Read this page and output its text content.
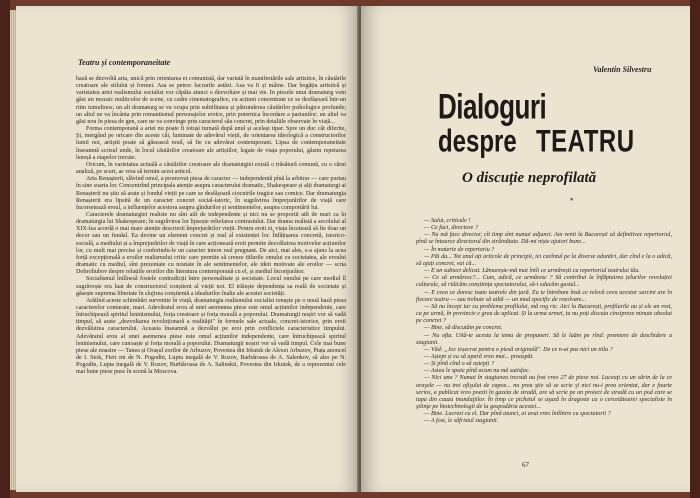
Teatru și contemporaneitate

bază se dezvoltă arta, unică prin orientarea ei comunistă, dar variată în manifestările sale artistice, în căutările creatoare ale stilului și formei. Asa se petrec lucrurile astăzi. Asa va fi și mâine. Dar bogăția artistică și varietatea artei realismului socialist vor căpăta atunci o dezvoltare și mai vie. In piesele unui dramaturg vom găsi un mozaic multicolor de scene, cu cadre cinematografice, cu acțiuni concentrate ce se desfășoară într-un ritm tumultuos; un alt dramaturg se va ocupa prin subtilitatea și pătrunderea căutărilor psihologice profunde; un altul ne va încânta prin romantismul personajelor eroice, prin puternica încordare a pasiunilor; un altul va găsi nou în piesa de gen, care ne va convinge prin caracterul său concret, prin detaliile observate în viață...

Forma contemporană a artei nu poate fi totuși turnată după unul și același tipar. Spre un duc cât diferite, Și, mergând pe oricare din aceste căi, luminate de adevărul vieții, de orientarea ideologică a constructorilor lumii noi, artiștii poate să găsească noul, să fie cu adevărat contemporani. Lipsa de contemporaneitate înseamnă scrisul unde, în locul căutărilor creatoare ale artiștilor, legate de viața poporului, găsim repetarea leneșă a etapelor trecute.

Oricum, în varietatea actuală a căutărilor creatoare ale dramaturgiei există o trăsătură comună, cu o cărui analiză, pe scurt, as vrea să termin acest articol.

Arta Renașterii, slăvind omul, a promovat piesa de caracter — independentă pînă la arbitrar — care purtau în sine soarta lor. Concentrînd principala atenție asupra caracterului dramatic, Shakespeare și alți dramaturgi ai Renașterii nu știu să arate și fondul vieții pe care se desfășoară ciocnirile tragice sau comice. Dar dramaturgia Renașterii era lipsită de un caracter concret social-istoric, în sugrăvirea împrejurărilor de viață care încorsetează eroul, a influențelor acestora asupra gîndurilor și sentimentelor, asupra comportării lui.

Caracterele dramaturgiei realiste nu sînt atît de independente și nici nu se proportii atît de mari ca în dramaturgia lui Shakespeare; în sugrăvirea lor lipsește reliefarea contrastului. Dar drama realistă a secolului al XIX-lea acordă o mai mare atenție descrierii împrejurărilor vieții. Pentru eroii ei, viața încetează să fie doar un decor sau un fundal. Ea devine un element concret și real al existenței lor. Înfățișarea concretă, istorico-socială, a mediului și a împrejurărilor de viață în care acționează eroii permite dezvăluirea motivelor acțiunilor lor, cu mult mai precise și conferindu-le un caracter intern real pregnant. De aici, mai ales, s-a ajuns la acea forță excepțională a eroilor realismului critic care permite să creeze titlurile omului cu societatea, ale eroului dramatic cu mediul, sînt prezentate cu noutate în ale sentimentelor, ale ideii motivate ale eroilor — scria Dobroliubov despre relațiile erorilor din literatura contemporană cu el, și mediul înconjurător.

Socialismul întîlnesă fostele contradicții între personalitate și societate. Locul omului pe care mediul îl sugrăvește era luat de constructorul conștient al vieții noi. El trăiește dependența sa reală de societate și găsește suprema libertate în slujirea conștientă a idealurilor înalte ale acestei societăți.

Arătînd aceste schimbări survenite în viață, dramaturgia realismului socialist renaște pe o nouă bază piesa caracterelor conturate, mari. Adevăratul erou al unei asemenea piese este omul acțiunilor independente, care întruchipează spiritul leninismului, forța creatoare și forța morală a poporului. Dramaturgii noștri vor să vadă timpul, să arate „dezvoltarea revoluționară a realității" în formele sale actuale, concret-istorice, prin eroii dezvăluirea caracterului. Aceasta înseamnă a dezvălui pe eroi prin conflictele caracteristice timpului. Adevăratul erou al unei asemenea piese este omul acțiunilor independente, care întruchipează spiritul leninismului, care cunoaște și forța morală a poporului. Dramaturgii noștri vor să vadă timpul. Cele mai bune piese ale noastre — Tanea și Orașul zorilor de Arbuzov, Povestea din Irkutsk de Alexei Arbuzov, Piața anonceí de I. Stok, Fieri mi de N. Pogodin, Lupta inegală de V. Rozov, Barbăroasa de A. Salenkov, să ales pe N. Pogodin, Lupta inegală de V. Rozov, Burbăroasa de A. Salinskii, Povestea din Irkutsk, de a reprezentat cele mai bune piese puse în scenă la Moscova.

Valentin Silvestru
Dialoguri
despre TEATRU
O discuție neprofilată
*

— Salut, criticule !

— Ce faci, directore ?

— Nu mă face director, cît timp sînt numai adjunct. Am venit la București să definitivez repertoriul, pînă se întoarce directorul din străinătate. Dă-mi niște ajutori bune...

— În materie de repertoriu ?

— Păi da... Tot anul ați articole de principii, iei cuvîntul pe la diverse adunări, dar cînd e la o adică, să ajuți concret, vai că...

— E un subiect delicat. Lămurește-mă mai întîi ce urmărești cu repertoriul teatrului tău.

— Ce să urmăresc?... Cum, adică, ce urmăresc ? Să contribui la înfăptuirea țelurilor revoluției culturale, să ridicăm conștiința spectatorului, să-i educăm gustul...

— E ceea ce doresc toate teatrele din țară. Eu te întrebam însă ce relevă ceva acestor sarcini are în fiecare teatru — sau trebuie să aibă — un mod specific de rezolvare...

— Să nu începi iar cu problema profilului, mă rog rie. Aici la București, profilurile au și ele un rost, ca pe urmă, în provincie e greu de aplicat. Și la urma urmei, tu nu poți discuta cinsipreze minute absolut pe concret ?

— Bine, să discutăm pe concret.

— Nu ofta. Uită-te acesta la tema de propuneri. Să le luăm pe rînd: premiere de deschidere a stagiunii.

— Văd: „Joc ieșecrat pentru o piesă originală". De ce n-ai pus nici un titlu ?

— Aștept și eu să apară vreo mai... proaspăt.

— Și pînă cînd o să aștepți ?

— Astea le spuie pînă acum nu mă satisfac.

— Nici una ? Numai în stagiunea trecută au fost vreo 27 de piese noi. Luceaţi cu un sărin de la ce oraşele — nu trei afişului de capoe... nu prea ştie să se scrie şi nici nu-i prea orientat, dar e foarte serios, a publicat vreo poezii în gazeta de stradă, are să scrie pe un proiect de stradă cu un pod care se tapa din cauza inundaţiilor. În timp ce pichetul se aşază în dragoste cu o cercetătoarei specialiste în ştiinţe pe biotechnologii de la gospodăria acestei...

— Bine. Lucrezi cu el. Dar pînă atunci, ai avut vreo întîlnire cu spectatorii ?

— A fost, le săfristul stagiunii.

67
